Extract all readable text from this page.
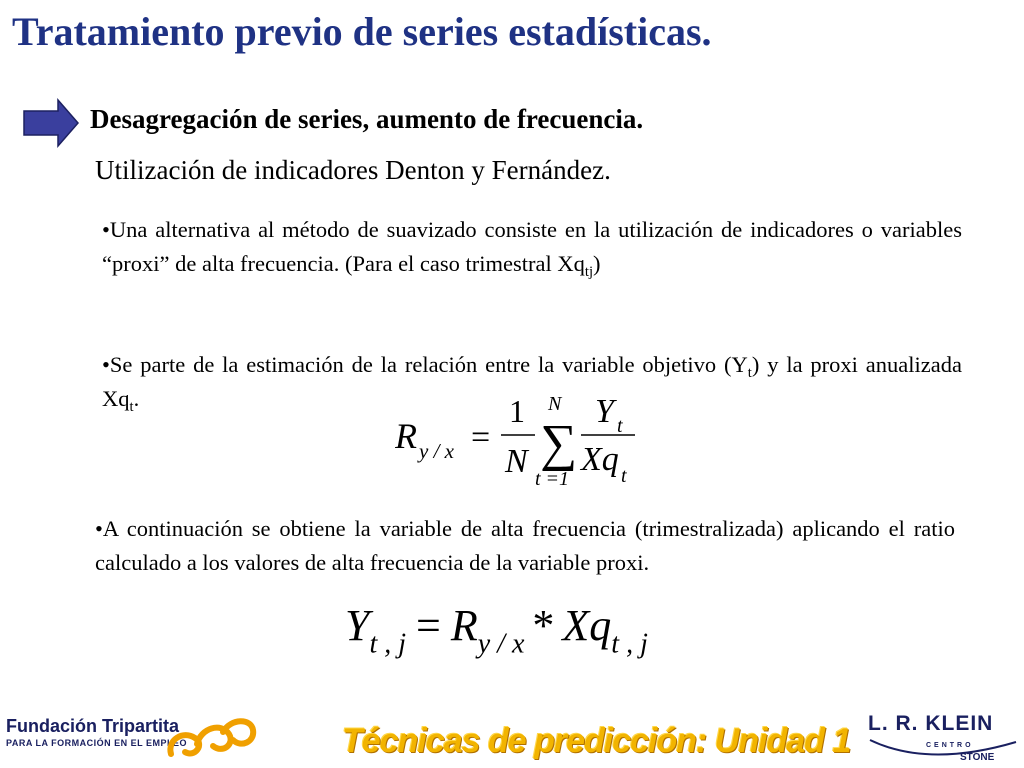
Tratamiento previo de series estadísticas.
Desagregación de series, aumento de frecuencia.
Utilización de indicadores Denton y Fernández.
•Una alternativa al método de suavizado consiste en la utilización de indicadores o variables “proxi” de alta frecuencia. (Para el caso trimestral $Xq_{tj}$)
•Se parte de la estimación de la relación entre la variable objetivo $(Y_t)$ y la proxi anualizada $Xq_t$.
R y / x =
1
N ∑
N
t =1
Y t
Xq t
•A continuación se obtiene la variable de alta frecuencia (trimestralizada) aplicando el ratio calculado a los valores de alta frecuencia de la variable proxi.
$Y_{t , j} = R_{y / x} * Xq_{t , j}$
Fundación Tripartita
PARA LA FORMACIÓN EN EL EMPLEO	Técnicas de predicción: Unidad 1 L. R. KLEIN
CENTRO
STONE
